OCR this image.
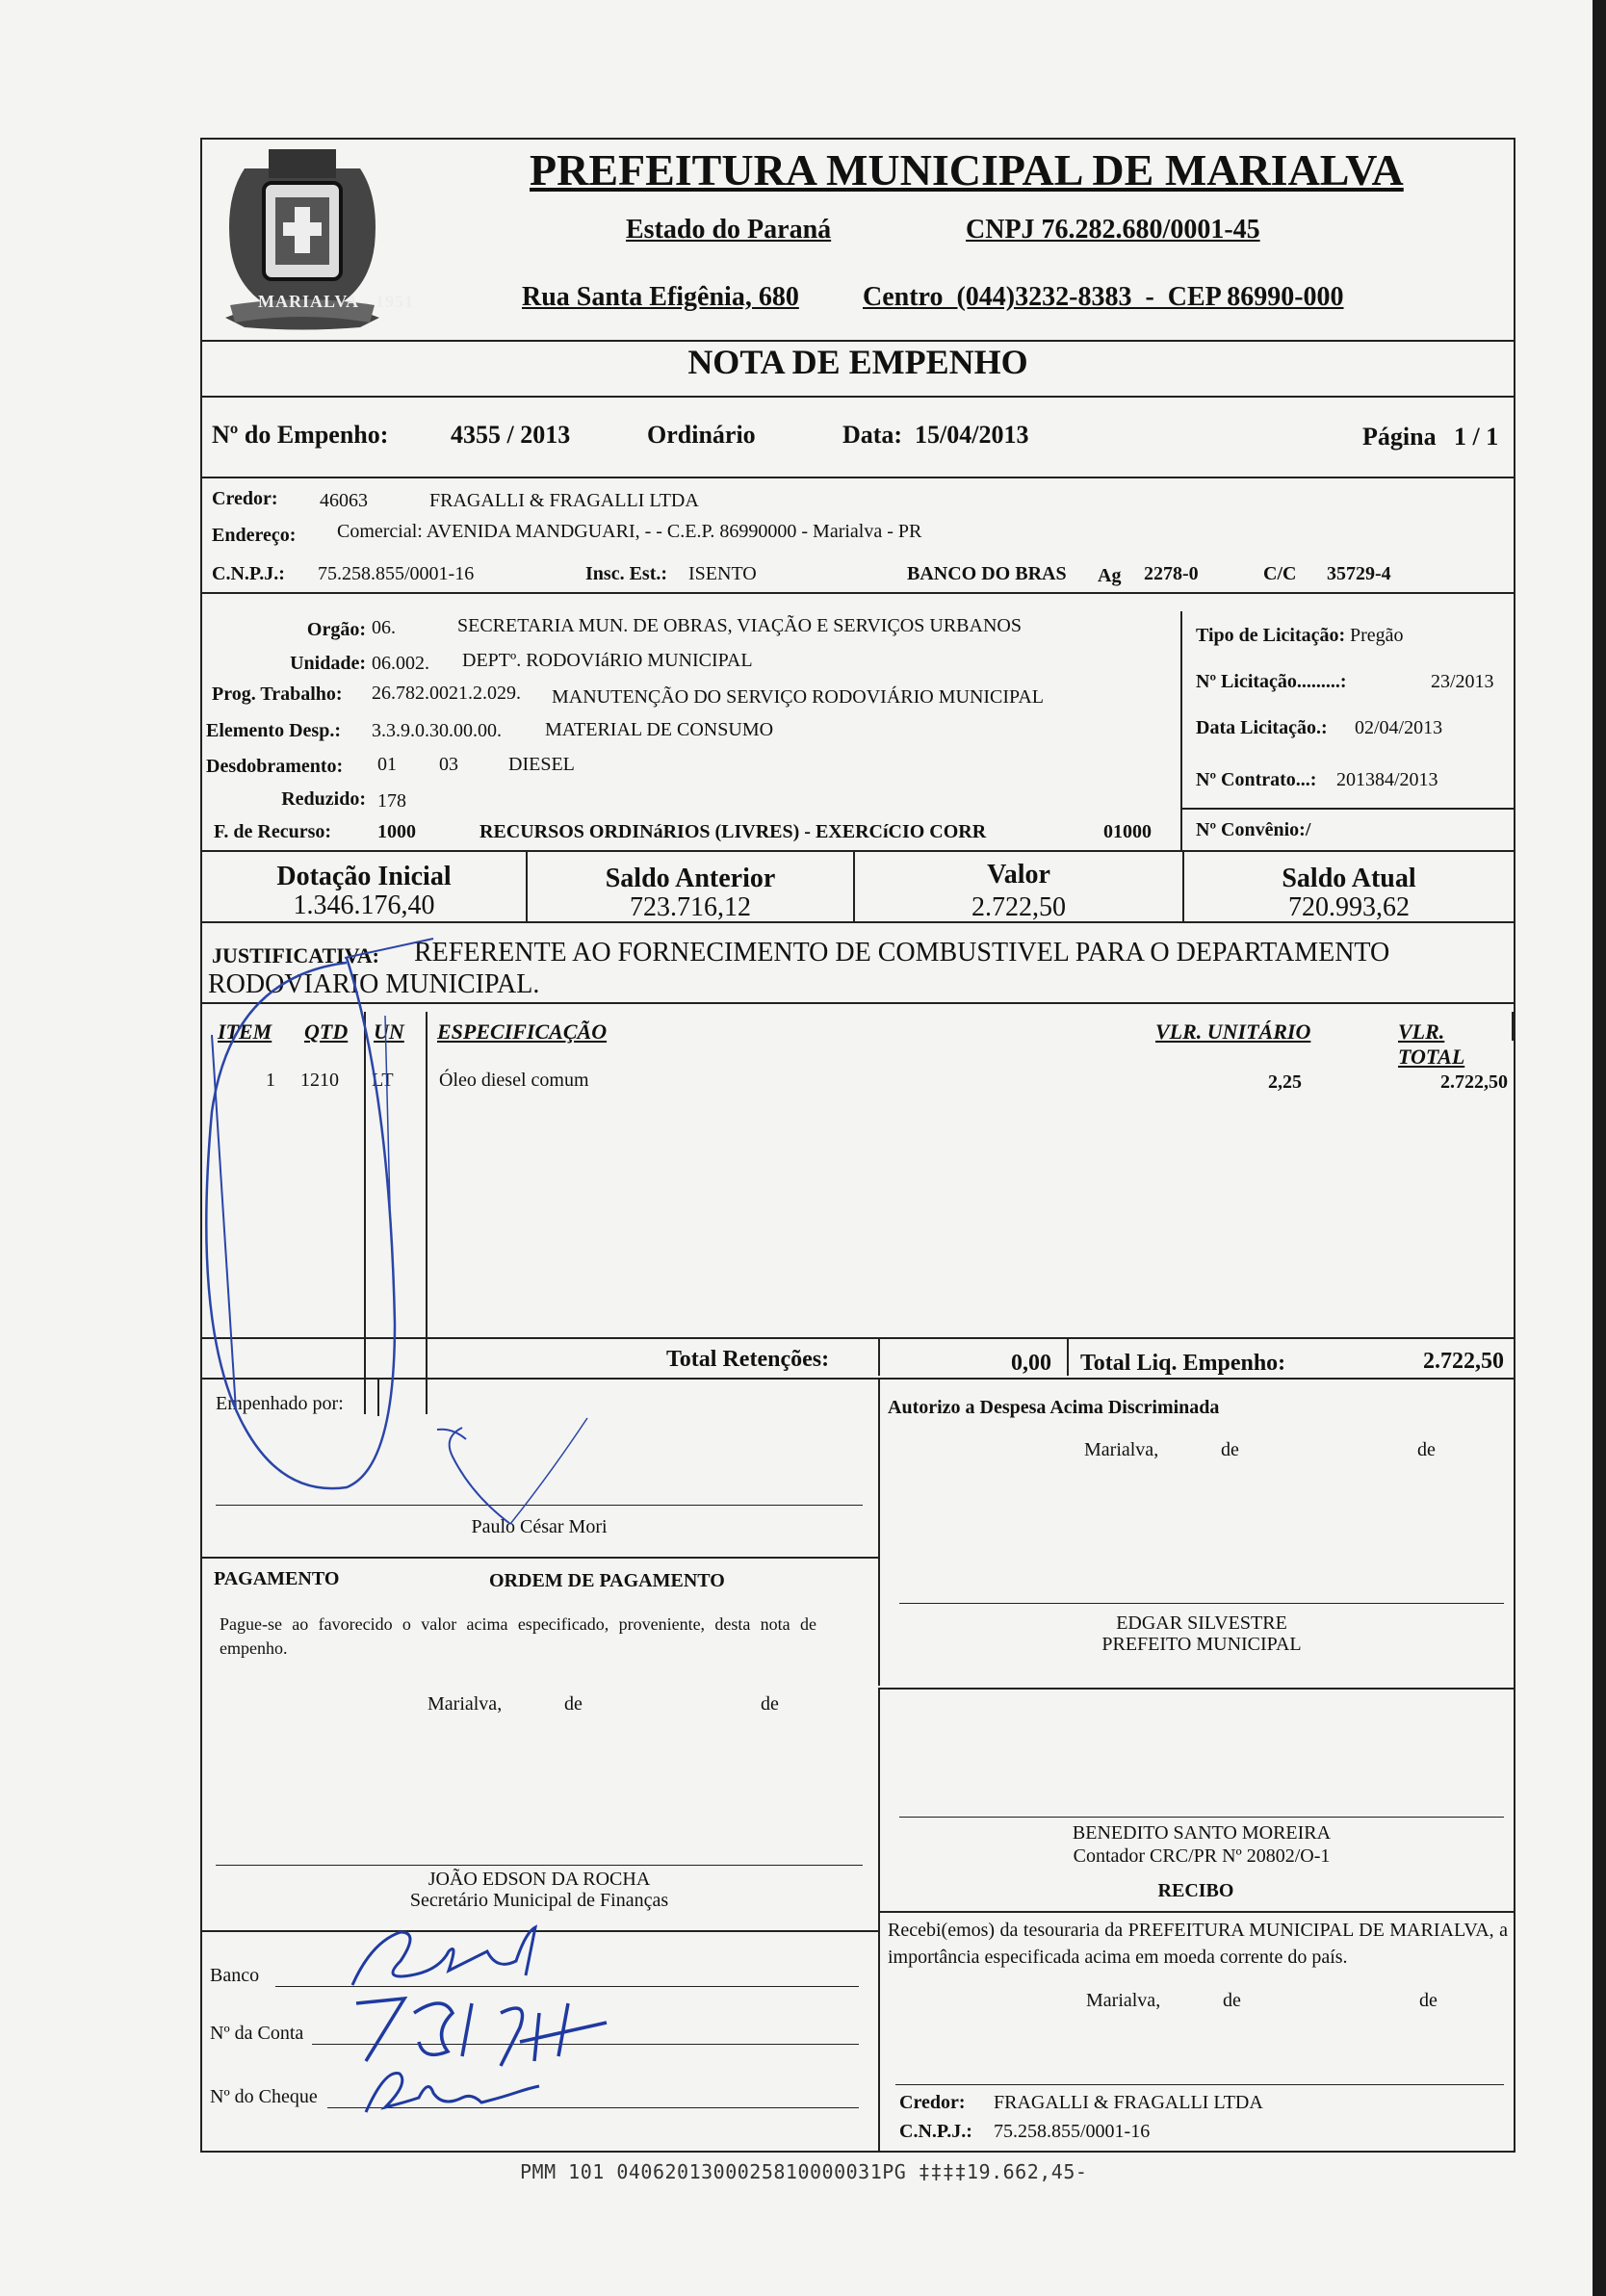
MARIALVA - 1951
PREFEITURA MUNICIPAL DE MARIALVA
Estado do Paraná	CNPJ 76.282.680/0001-45
Rua Santa Efigênia, 680 Centro  (044)3232-8383  -  CEP 86990-000
NOTA DE EMPENHO
Nº do Empenho: 4355 / 2013	Ordinário	Data: 15/04/2013	Página 1 / 1
Credor: 46063	FRAGALLI & FRAGALLI LTDA
Endereço: Comercial: AVENIDA MANDGUARI, - - C.E.P. 86990000 - Marialva - PR
C.N.P.J.: 75.258.855/0001-16	Insc. Est.: ISENTO	BANCO DO BRAS Ag 2278-0	C/C 35729-4
Orgão: 06.	SECRETARIA MUN. DE OBRAS, VIAÇÃO E SERVIÇOS URBANOS
Unidade: 06.002. DEPTº. RODOVIáRIO MUNICIPAL
Prog. Trabalho: 26.782.0021.2.029. MANUTENÇÃO DO SERVIÇO RODOVIÁRIO MUNICIPAL
Elemento Desp.: 3.3.9.0.30.00.00. MATERIAL DE CONSUMO
Desdobramento: 01 03	DIESEL
Reduzido: 178
F. de Recurso: 1000	RECURSOS ORDINáRIOS (LIVRES) - EXERCíCIO CORR	01000
Tipo de Licitação: Pregão
Nº Licitação.........:	23/2013
Data Licitação.: 02/04/2013
Nº Contrato...: 201384/2013
Nº Convênio:/
Dotação Inicial
1.346.176,40
Saldo Anterior
723.716,12
Valor
2.722,50
Saldo Atual
720.993,62
JUSTIFICATIVA: REFERENTE AO FORNECIMENTO DE COMBUSTIVEL PARA O DEPARTAMENTO
RODOVIARIO MUNICIPAL.
ITEM QTD UN ESPECIFICAÇÃO	VLR. UNITÁRIO	VLR. TOTAL
1 1210 LT Óleo diesel comum	2,25	2.722,50
Total Retenções:	0,00 Total Liq. Empenho:	2.722,50
Empenhado por:
Paulo César Mori
Autorizo a Despesa Acima Discriminada
Marialva,	de	de
EDGAR SILVESTRE
PREFEITO MUNICIPAL
PAGAMENTO	ORDEM DE PAGAMENTO
Pague-se ao favorecido o valor acima especificado, proveniente, desta nota de empenho.
Marialva,	de	de
JOÃO EDSON DA ROCHA
Secretário Municipal de Finanças
Banco
Nº da Conta
Nº do Cheque
BENEDITO SANTO MOREIRA
Contador CRC/PR Nº 20802/O-1
RECIBO
Recebi(emos) da tesouraria da PREFEITURA MUNICIPAL DE MARIALVA, a importância especificada acima em moeda corrente do país.
Marialva,	de	de
Credor: FRAGALLI & FRAGALLI LTDA
C.N.P.J.: 75.258.855/0001-16
PMM 101 0406201300025810000031PG ‡‡‡‡19.662,45-
